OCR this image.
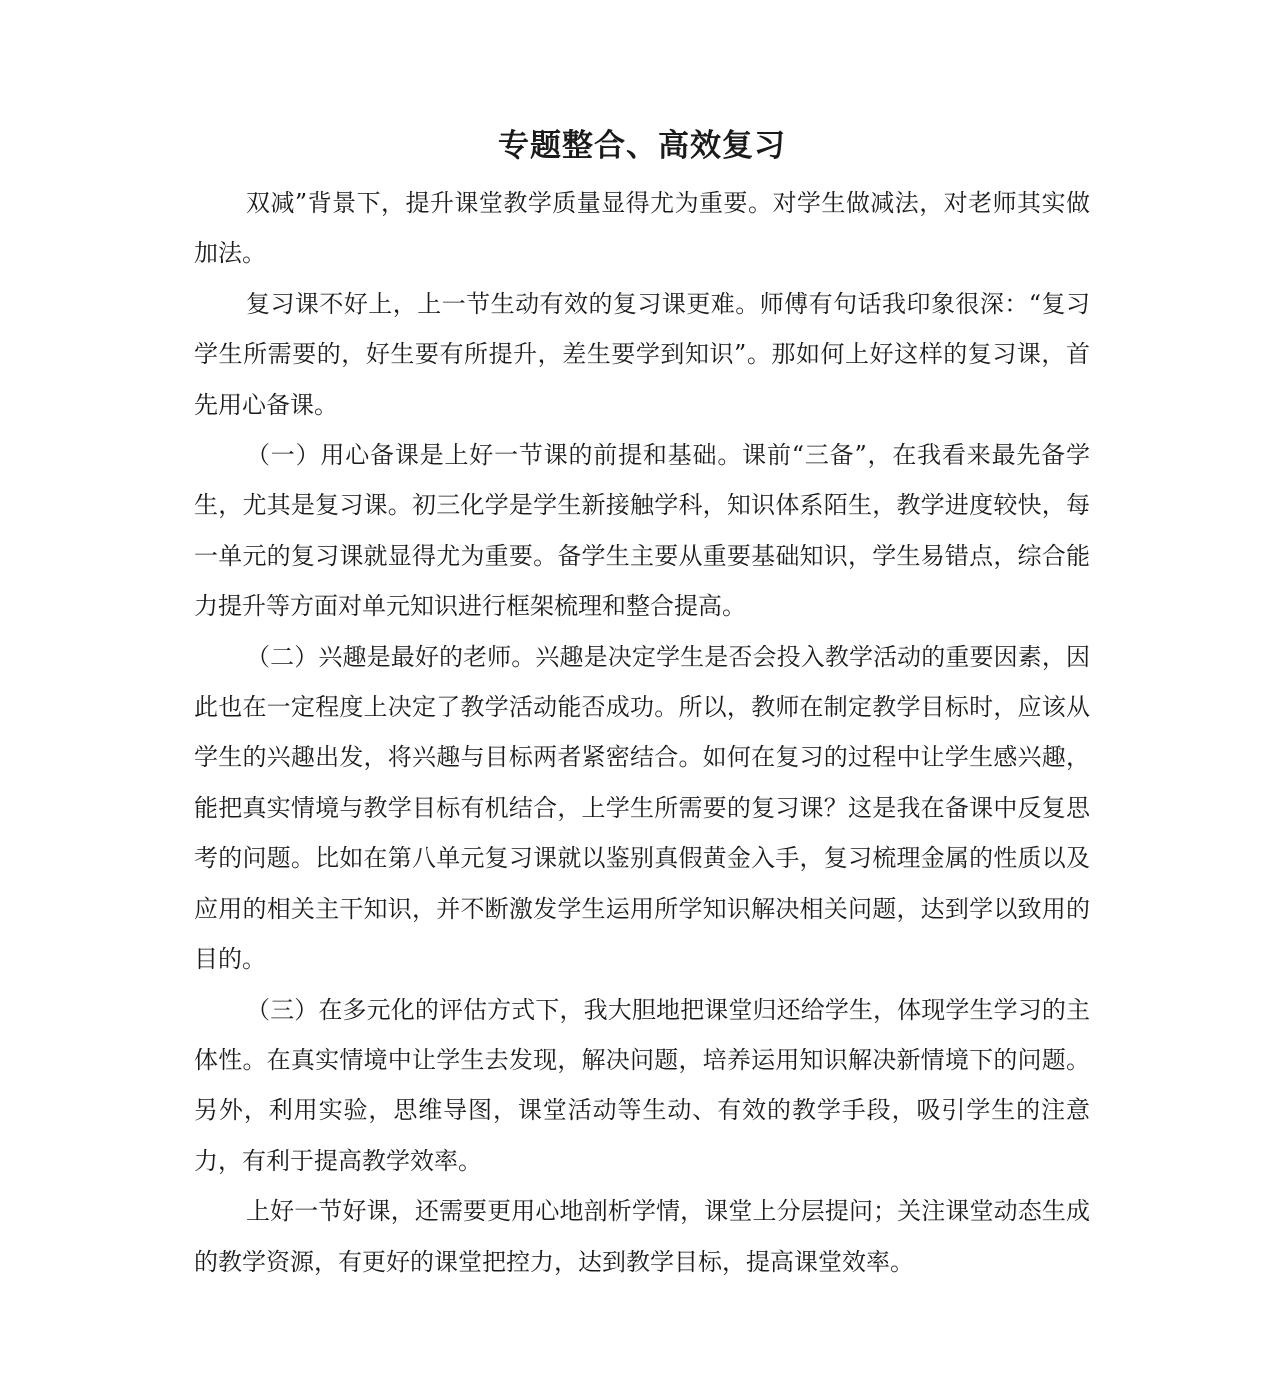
专题整合、高效复习

双减”背景下，提升课堂教学质量显得尤为重要。对学生做减法，对老师其实做加法。

复习课不好上，上一节生动有效的复习课更难。师傅有句话我印象很深：“复习学生所需要的，好生要有所提升，差生要学到知识”。那如何上好这样的复习课，首先用心备课。

（一）用心备课是上好一节课的前提和基础。课前“三备”，在我看来最先备学生，尤其是复习课。初三化学是学生新接触学科，知识体系陌生，教学进度较快，每一单元的复习课就显得尤为重要。备学生主要从重要基础知识，学生易错点，综合能力提升等方面对单元知识进行框架梳理和整合提高。

（二）兴趣是最好的老师。兴趣是决定学生是否会投入教学活动的重要因素，因此也在一定程度上决定了教学活动能否成功。所以，教师在制定教学目标时，应该从学生的兴趣出发，将兴趣与目标两者紧密结合。如何在复习的过程中让学生感兴趣，能把真实情境与教学目标有机结合，上学生所需要的复习课？这是我在备课中反复思考的问题。比如在第八单元复习课就以鉴别真假黄金入手，复习梳理金属的性质以及应用的相关主干知识，并不断激发学生运用所学知识解决相关问题，达到学以致用的目的。

（三）在多元化的评估方式下，我大胆地把课堂归还给学生，体现学生学习的主体性。在真实情境中让学生去发现，解决问题，培养运用知识解决新情境下的问题。另外，利用实验，思维导图，课堂活动等生动、有效的教学手段，吸引学生的注意力，有利于提高教学效率。

上好一节好课，还需要更用心地剖析学情，课堂上分层提问；关注课堂动态生成的教学资源，有更好的课堂把控力，达到教学目标，提高课堂效率。
